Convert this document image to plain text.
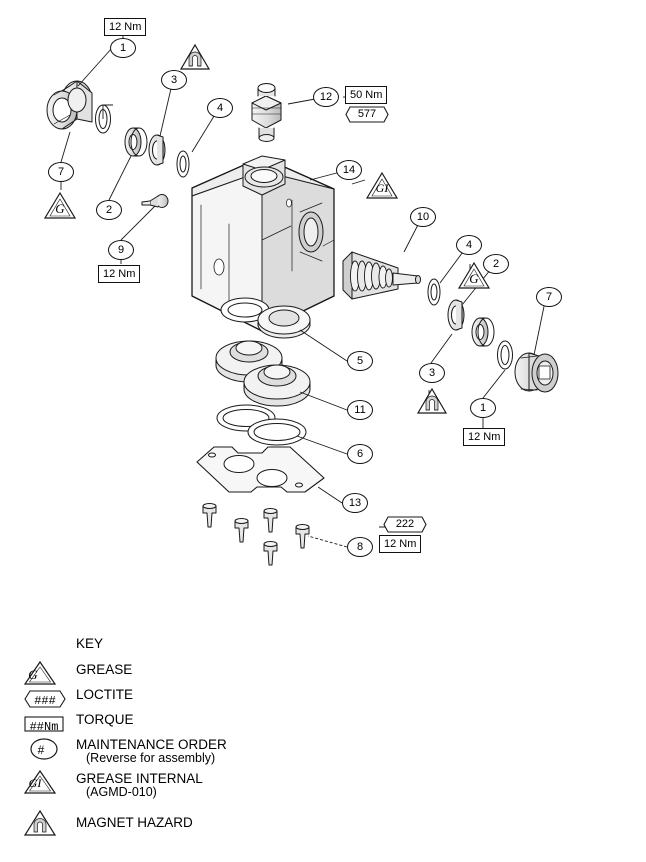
1
3
4
7
2
9
12
14
10
4
2
7
3
1
5
11
6
13
8
12 Nm
12 Nm
50 Nm
12 Nm
12 Nm
577
222
G
G
GI
KEY
G	GREASE
###	LOCTITE
##Nm	TORQUE
#	MAINTENANCE ORDER
(Reverse for assembly)
GI	GREASE INTERNAL
(AGMD-010)
MAGNET HAZARD
